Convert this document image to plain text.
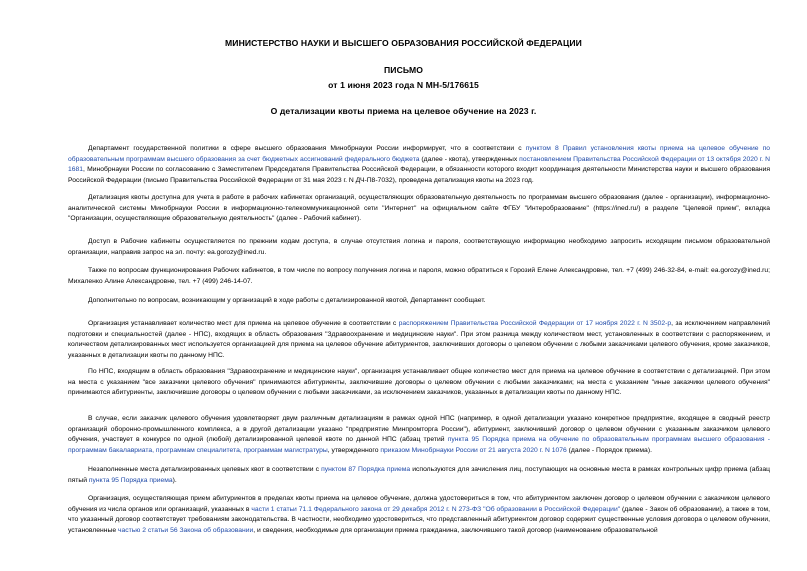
МИНИСТЕРСТВО НАУКИ И ВЫСШЕГО ОБРАЗОВАНИЯ РОССИЙСКОЙ ФЕДЕРАЦИИ
ПИСЬМО
от 1 июня 2023 года N МН-5/176615
О детализации квоты приема на целевое обучение на 2023 г.

Департамент государственной политики в сфере высшего образования Минобрнауки России информирует, что в соответствии с пунктом 8 Правил установления квоты приема на целевое обучение по образовательным программам высшего образования за счет бюджетных ассигнований федерального бюджета (далее - квота), утвержденных постановлением Правительства Российской Федерации от 13 октября 2020 г. N 1681, Минобрнауки России по согласованию с Заместителем Председателя Правительства Российской Федерации, в обязанности которого входит координация деятельности Министерства науки и высшего образования Российской Федерации (письмо Правительства Российской Федерации от 31 мая 2023 г. N ДЧ-П8-7032), проведена детализация квоты на 2023 год.

Детализация квоты доступна для учета в работе в рабочих кабинетах организаций, осуществляющих образовательную деятельность по программам высшего образования (далее - организации), информационно-аналитической системы Минобрнауки России в информационно-телекоммуникационной сети "Интернет" на официальном сайте ФГБУ "Интеробразование" (https://ined.ru/) в разделе "Целевой прием", вкладка "Организации, осуществляющие образовательную деятельность" (далее - Рабочий кабинет).

Доступ в Рабочие кабинеты осуществляется по прежним кодам доступа, в случае отсутствия логина и пароля, соответствующую информацию необходимо запросить исходящим письмом образовательной организации, направив запрос на эл. почту: ea.gorozy@ined.ru.

Также по вопросам функционирования Рабочих кабинетов, в том числе по вопросу получения логина и пароля, можно обратиться к Горозий Елене Александровне, тел. +7 (499) 246-32-84, e-mail: ea.gorozy@ined.ru; Михаленко Алине Александровне, тел. +7 (499) 246-14-07.

Дополнительно по вопросам, возникающим у организаций в ходе работы с детализированной квотой, Департамент сообщает.

Организация устанавливает количество мест для приема на целевое обучение в соответствии с распоряжением Правительства Российской Федерации от 17 ноября 2022 г. N 3502-р, за исключением направлений подготовки и специальностей (далее - НПС), входящих в область образования "Здравоохранение и медицинские науки". При этом разница между количеством мест, установленных в соответствии с распоряжением, и количеством детализированных мест используется организацией для приема на целевое обучение абитуриентов, заключивших договоры о целевом обучении с любыми заказчиками целевого обучения, кроме заказчиков, указанных в детализации квоты по данному НПС.

По НПС, входящим в область образования "Здравоохранение и медицинские науки", организация устанавливает общее количество мест для приема на целевое обучение в соответствии с детализацией. При этом на места с указанием "все заказчики целевого обучения" принимаются абитуриенты, заключившие договоры о целевом обучении с любыми заказчиками; на места с указанием "иные заказчики целевого обучения" принимаются абитуриенты, заключившие договоры о целевом обучении с любыми заказчиками, за исключением заказчиков, указанных в детализации квоты по данному НПС.

В случае, если заказчик целевого обучения удовлетворяет двум различным детализациям в рамках одной НПС (например, в одной детализации указано конкретное предприятие, входящее в сводный реестр организаций оборонно-промышленного комплекса, а в другой детализации указано "предприятие Минпромторга России"), абитуриент, заключивший договор о целевом обучении с указанным заказчиком целевого обучения, участвует в конкурсе по одной (любой) детализированной целевой квоте по данной НПС (абзац третий пункта 95 Порядка приема на обучение по образовательным программам высшего образования - программам бакалавриата, программам специалитета, программам магистратуры, утвержденного приказом Минобрнауки России от 21 августа 2020 г. N 1076 (далее - Порядок приема).

Незаполненные места детализированных целевых квот в соответствии с пунктом 87 Порядка приема используются для зачисления лиц, поступающих на основные места в рамках контрольных цифр приема (абзац пятый пункта 95 Порядка приема).

Организация, осуществляющая прием абитуриентов в пределах квоты приема на целевое обучение, должна удостовериться в том, что абитуриентом заключен договор о целевом обучении с заказчиком целевого обучения из числа органов или организаций, указанных в части 1 статьи 71.1 Федерального закона от 29 декабря 2012 г. N 273-ФЗ "Об образовании в Российской Федерации" (далее - Закон об образовании), а также в том, что указанный договор соответствует требованиям законодательства. В частности, необходимо удостовериться, что представленный абитуриентом договор содержит существенные условия договора о целевом обучении, установленные частью 2 статьи 56 Закона об образовании, и сведения, необходимые для организации приема гражданина, заключившего такой договор (наименование образовательной
